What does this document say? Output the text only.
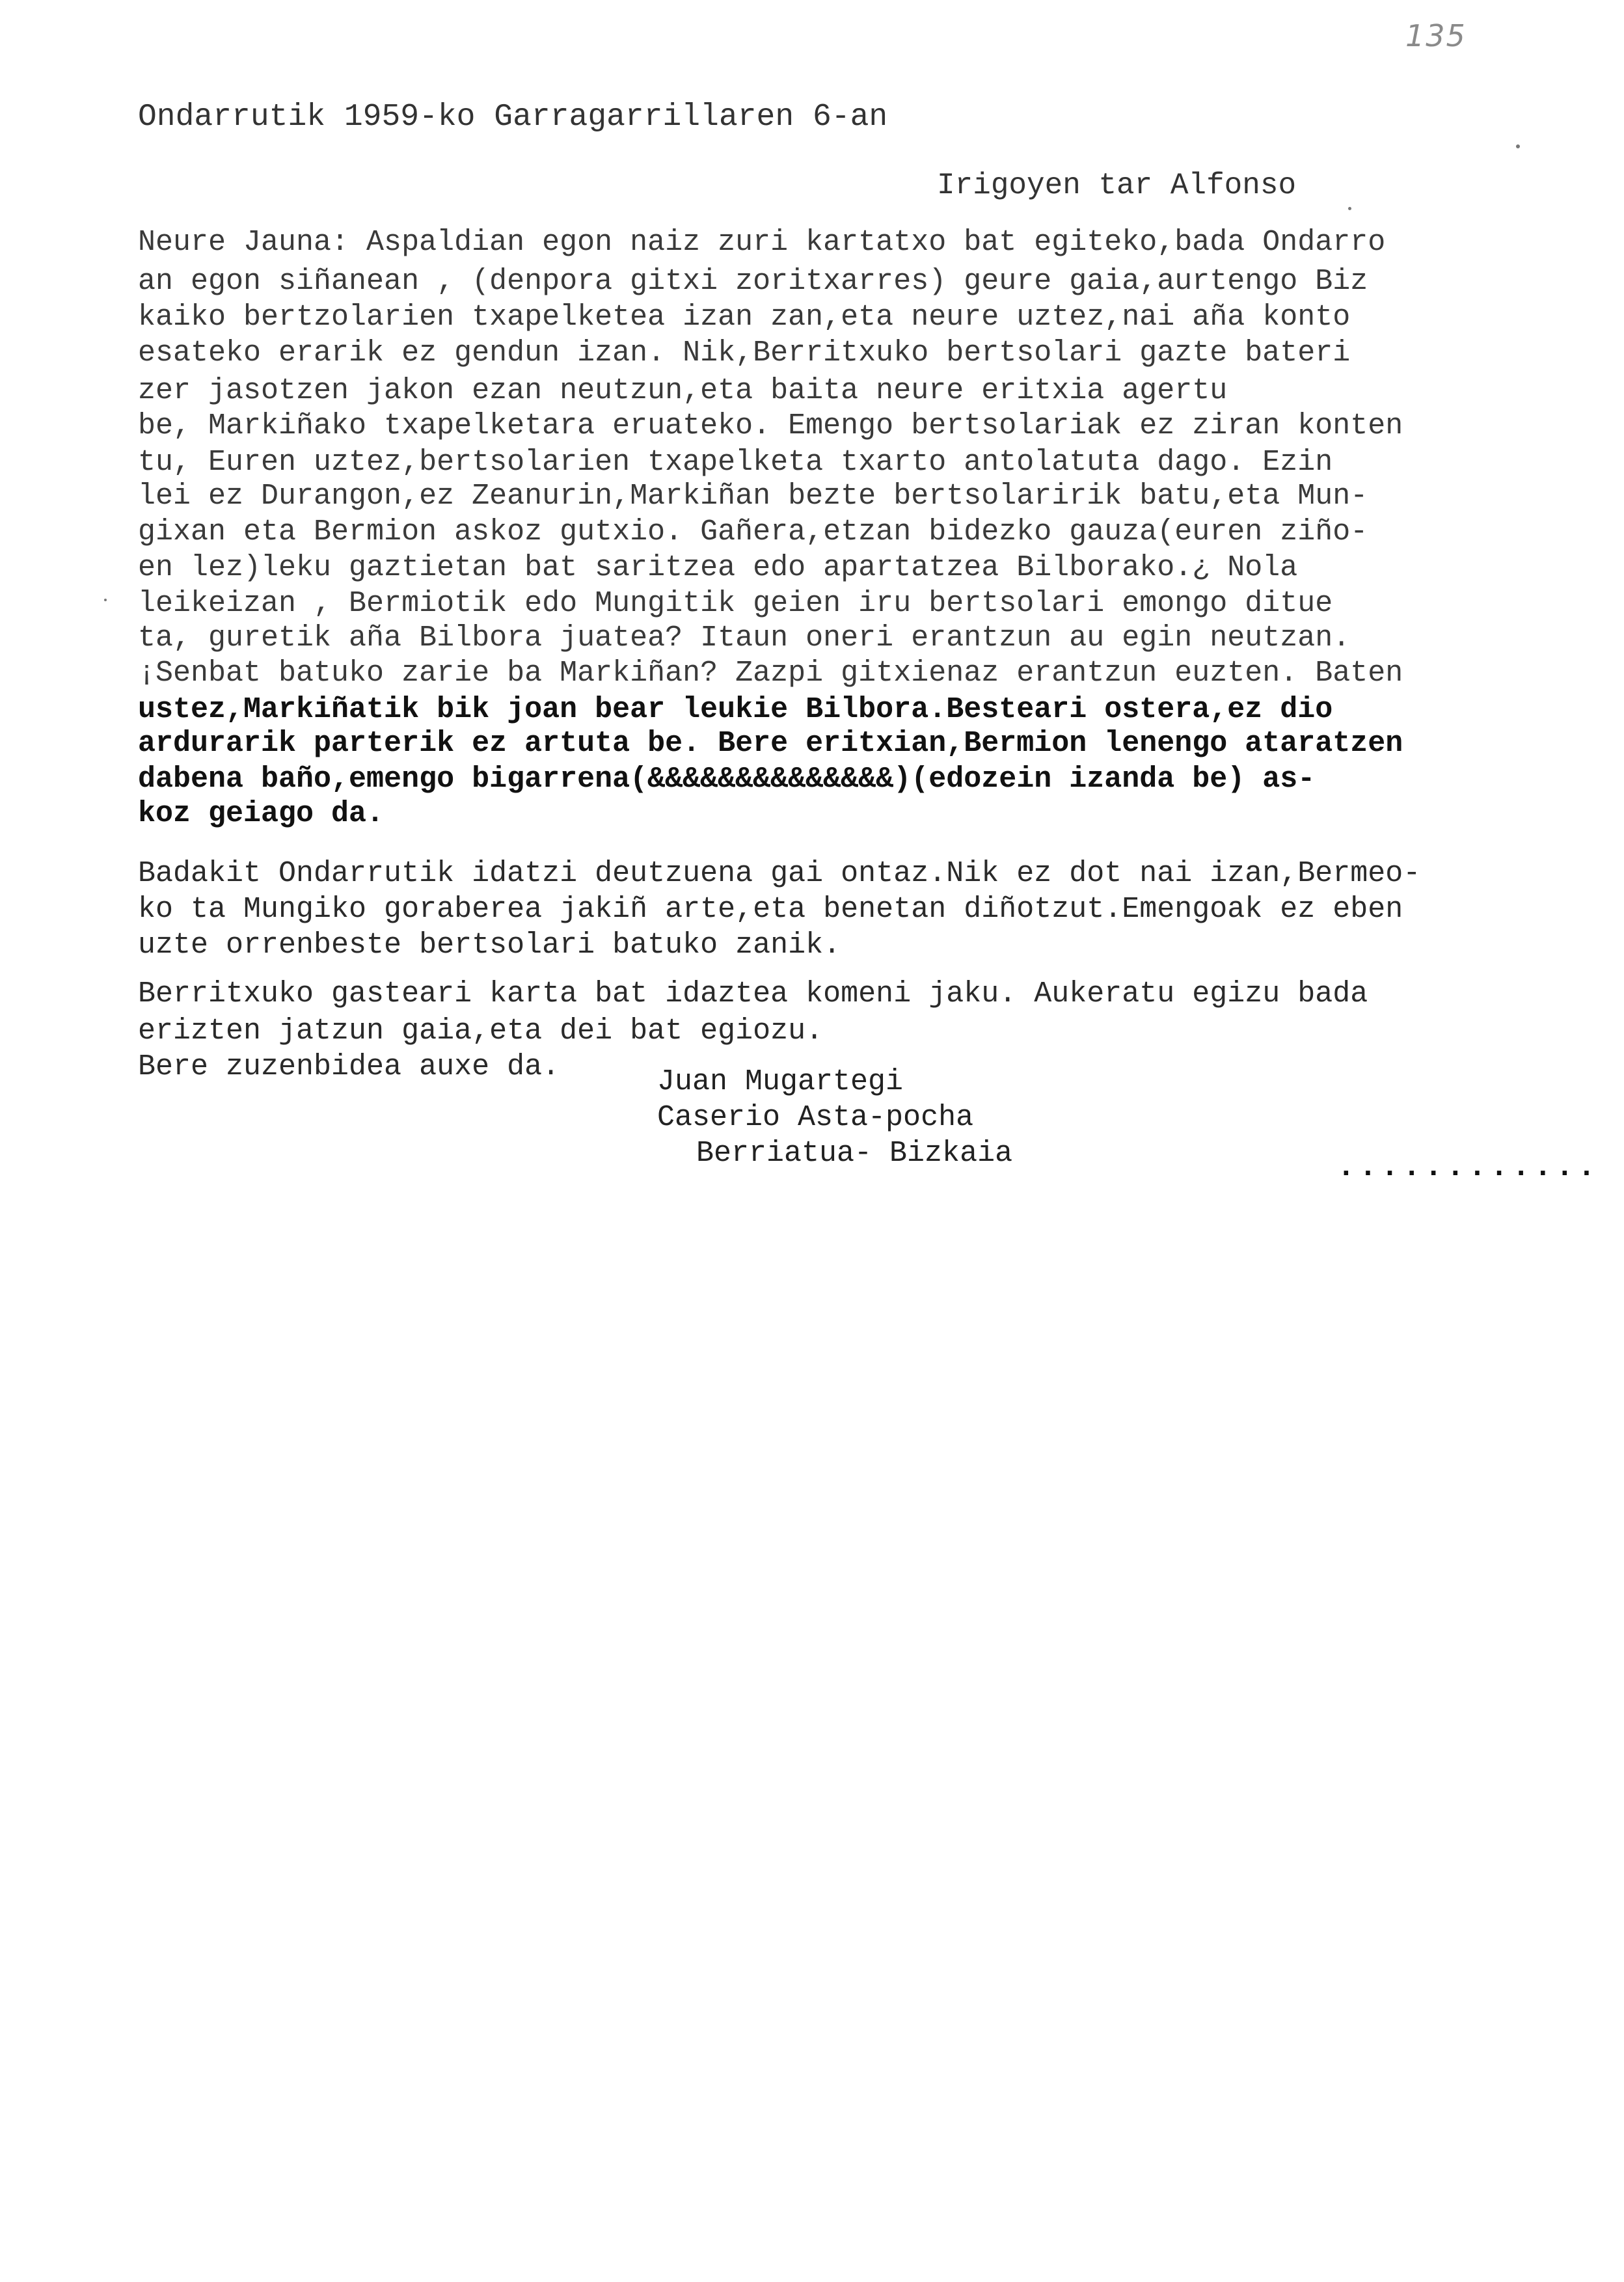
135
Ondarrutik 1959-ko Garragarrillaren 6-an
Irigoyen tar Alfonso
Neure Jauna: Aspaldian egon naiz zuri kartatxo bat egiteko,bada Ondarro
an egon siñanean , (denpora gitxi zoritxarres) geure gaia,aurtengo Biz
kaiko bertzolarien txapelketea izan zan,eta neure uztez,nai aña konto
esateko erarik ez gendun izan. Nik,Berritxuko bertsolari gazte bateri
zer jasotzen jakon ezan neutzun,eta baita neure eritxia agertu
be, Markiñako txapelketara eruateko. Emengo bertsolariak ez ziran konten
tu, Euren uztez,bertsolarien txapelketa txarto antolatuta dago. Ezin
lei ez Durangon,ez Zeanurin,Markiñan bezte bertsolaririk batu,eta Mun-
gixan eta Bermion askoz gutxio. Gañera,etzan bidezko gauza(euren ziño-
en lez)leku gaztietan bat saritzea edo apartatzea Bilborako.¿ Nola
leikeizan , Bermiotik edo Mungitik geien iru bertsolari emongo ditue
ta, guretik aña Bilbora juatea? Itaun oneri erantzun au egin neutzan.
¡Senbat batuko zarie ba Markiñan? Zazpi gitxienaz erantzun euzten. Baten
ustez,Markiñatik bik joan bear leukie Bilbora.Besteari ostera,ez dio
ardurarik parterik ez artuta be. Bere eritxian,Bermion lenengo ataratzen
dabena baño,emengo bigarrena(&&&&&&&&&&&&&&)(edozein izanda be) as-
koz geiago da.
Badakit Ondarrutik idatzi deutzuena gai ontaz.Nik ez dot nai izan,Bermeo-
ko ta Mungiko goraberea jakiñ arte,eta benetan diñotzut.Emengoak ez eben
uzte orrenbeste bertsolari batuko zanik.
Berritxuko gasteari karta bat idaztea komeni jaku. Aukeratu egizu bada
erizten jatzun gaia,eta dei bat egiozu.
Bere zuzenbidea auxe da.	Juan Mugartegi
Caserio Asta-pocha
Berriatua- Bizkaia	............
